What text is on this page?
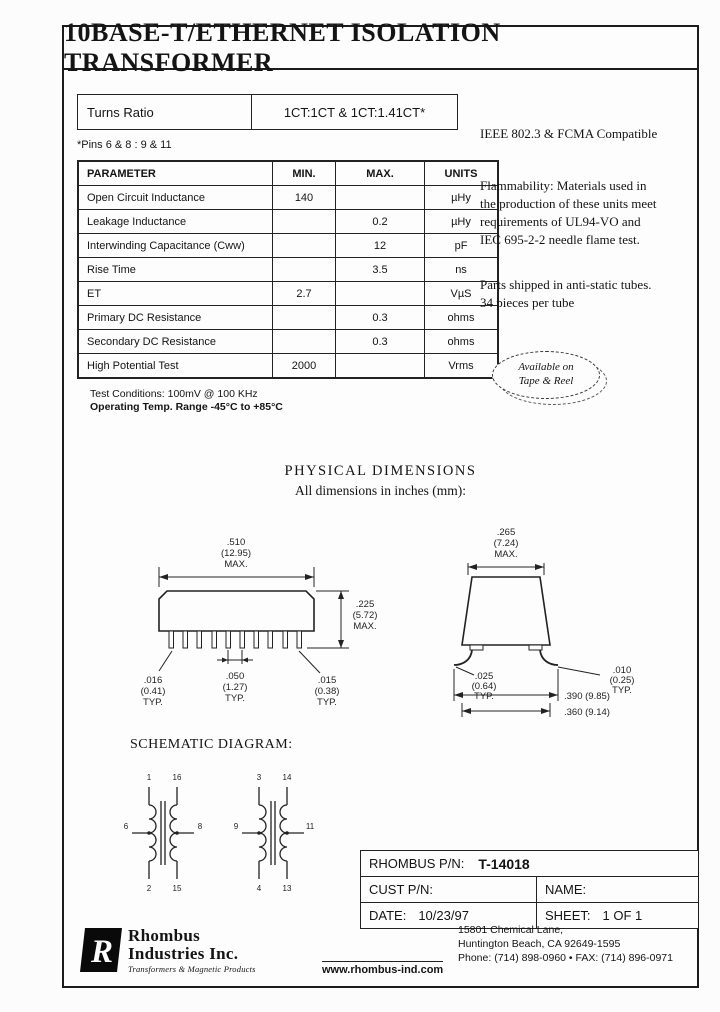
10BASE-T/ETHERNET ISOLATION TRANSFORMER
Turns Ratio	1CT:1CT & 1CT:1.41CT*
*Pins 6 & 8 : 9 & 11
IEEE 802.3 & FCMA Compatible
PARAMETER	MIN.	MAX.	UNITS
Open Circuit Inductance	140		µHy
Leakage Inductance		0.2	µHy
Interwinding Capacitance (Cww)		12	pF
Rise Time		3.5	ns
ET	2.7		VµS
Primary DC Resistance		0.3	ohms
Secondary DC Resistance		0.3	ohms
High Potential Test	2000		Vrms
Test Conditions: 100mV @ 100 KHz
Operating Temp. Range -45°C to +85°C
Flammability: Materials used in the production of these units meet requirements of UL94-VO and IEC 695-2-2 needle flame test.
Parts shipped in anti-static tubes. 34 pieces per tube
Available on
Tape & Reel
PHYSICAL DIMENSIONS
All dimensions in inches (mm):
.510
(12.95)
MAX.
.225
(5.72)
MAX.
.016
(0.41)
TYP.
.050
(1.27)
TYP.
.015
(0.38)
TYP.
.265
(7.24)
MAX.
.025
(0.64)
TYP.
.010
(0.25)
TYP.
.390 (9.85)
.360 (9.14)
SCHEMATIC DIAGRAM:
1	16	3	14
2	15	4	13
6	8	9	11
RHOMBUS P/N: T-14018
CUST P/N:	NAME:
DATE: 10/23/97	SHEET: 1 OF 1
R Rhombus
Industries Inc.
Transformers & Magnetic Products	www.rhombus-ind.com
15801 Chemical Lane,
Huntington Beach, CA 92649-1595
Phone: (714) 898-0960 • FAX: (714) 896-0971
